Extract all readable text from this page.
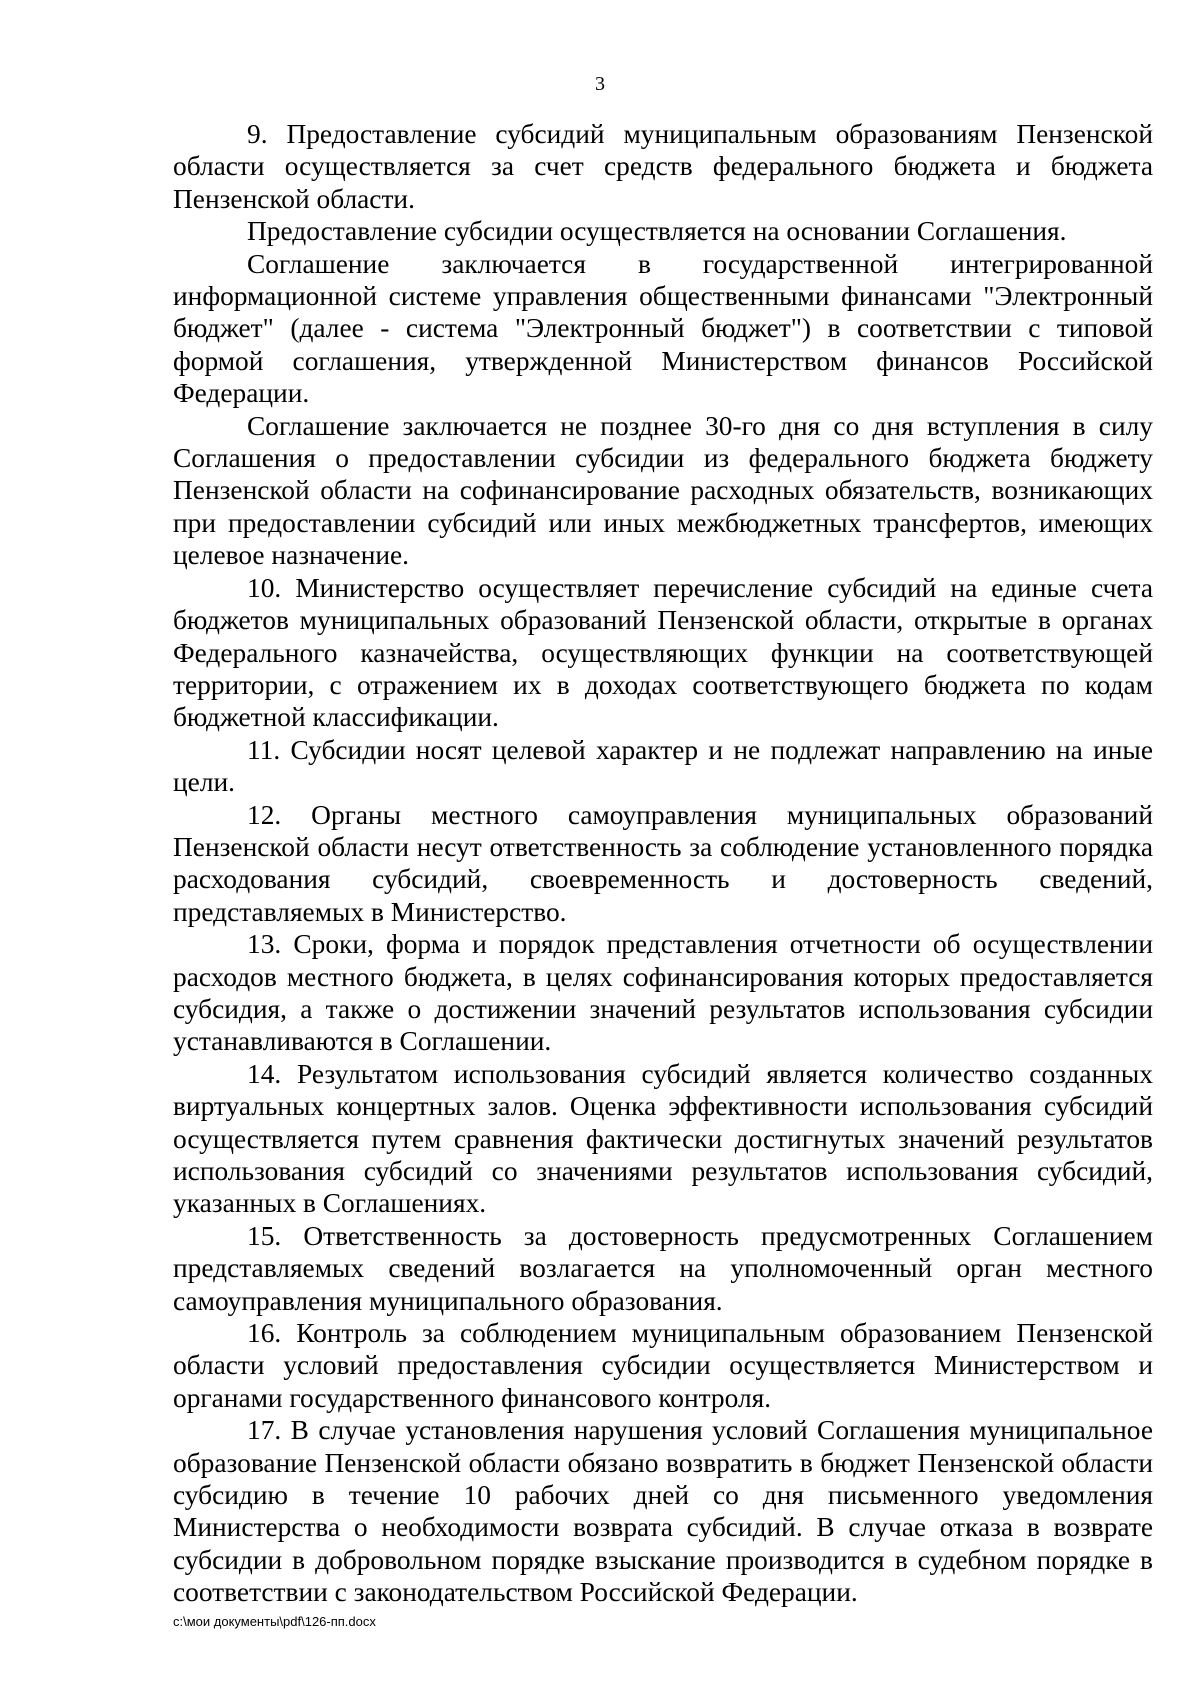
3

9. Предоставление субсидий муниципальным образованиям Пензенской области осуществляется за счет средств федерального бюджета и бюджета Пензенской области.

Предоставление субсидии осуществляется на основании Соглашения.

Соглашение заключается в государственной интегрированной информационной системе управления общественными финансами "Электронный бюджет" (далее - система "Электронный бюджет") в соответствии с типовой формой соглашения, утвержденной Министерством финансов Российской Федерации.

Соглашение заключается не позднее 30-го дня со дня вступления в силу Соглашения о предоставлении субсидии из федерального бюджета бюджету Пензенской области на софинансирование расходных обязательств, возникающих при предоставлении субсидий или иных межбюджетных трансфертов, имеющих целевое назначение.

10. Министерство осуществляет перечисление субсидий на единые счета бюджетов муниципальных образований Пензенской области, открытые в органах Федерального казначейства, осуществляющих функции на соответствующей территории, с отражением их в доходах соответствующего бюджета по кодам бюджетной классификации.

11. Субсидии носят целевой характер и не подлежат направлению на иные цели.

12. Органы местного самоуправления муниципальных образований Пензенской области несут ответственность за соблюдение установленного порядка расходования субсидий, своевременность и достоверность сведений, представляемых в Министерство.

13. Сроки, форма и порядок представления отчетности об осуществлении расходов местного бюджета, в целях софинансирования которых предоставляется субсидия, а также о достижении значений результатов использования субсидии устанавливаются в Соглашении.

14. Результатом использования субсидий является количество созданных виртуальных концертных залов. Оценка эффективности использования субсидий осуществляется путем сравнения фактически достигнутых значений результатов использования субсидий со значениями результатов использования субсидий, указанных в Соглашениях.

15. Ответственность за достоверность предусмотренных Соглашением представляемых сведений возлагается на уполномоченный орган местного самоуправления муниципального образования.

16. Контроль за соблюдением муниципальным образованием Пензенской области условий предоставления субсидии осуществляется Министерством и органами государственного финансового контроля.

17. В случае установления нарушения условий Соглашения муниципальное образование Пензенской области обязано возвратить в бюджет Пензенской области субсидию в течение 10 рабочих дней со дня письменного уведомления Министерства о необходимости возврата субсидий. В случае отказа в возврате субсидии в добровольном порядке взыскание производится в судебном порядке в соответствии с законодательством Российской Федерации.

c:\мои документы\pdf\126-пп.docx
